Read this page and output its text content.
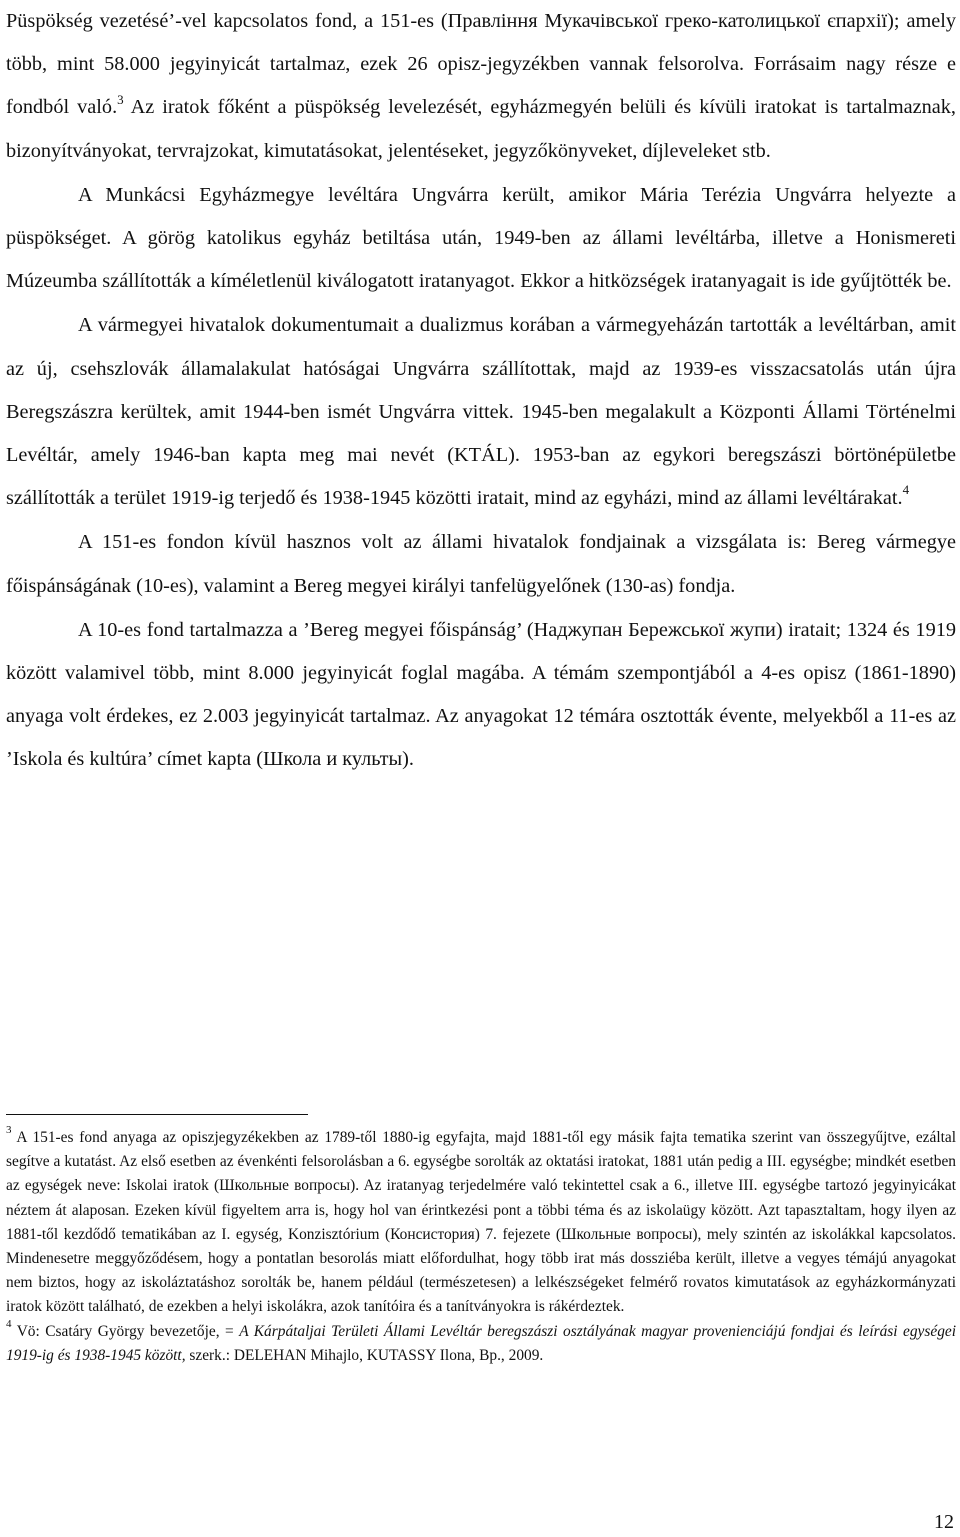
Püspökség vezetésé’-vel kapcsolatos fond, a 151-es (Правління Мукачівської греко-католицької єпархії); amely több, mint 58.000 jegyinyicát tartalmaz, ezek 26 opisz-jegyzékben vannak felsorolva. Forrásaim nagy része e fondból való.$^3$ Az iratok főként a püspökség levelezését, egyházmegyén belüli és kívüli iratokat is tartalmaznak, bizonyítványokat, tervrajzokat, kimutatásokat, jelentéseket, jegyzőkönyveket, díjleveleket stb.

A Munkácsi Egyházmegye levéltára Ungvárra került, amikor Mária Terézia Ungvárra helyezte a püspökséget. A görög katolikus egyház betiltása után, 1949-ben az állami levéltárba, illetve a Honismereti Múzeumba szállították a kíméletlenül kiválogatott iratanyagot. Ekkor a hitközségek iratanyagait is ide gyűjtötték be.

A vármegyei hivatalok dokumentumait a dualizmus korában a vármegyeházán tartották a levéltárban, amit az új, csehszlovák államalakulat hatóságai Ungvárra szállítottak, majd az 1939-es visszacsatolás után újra Beregszászra kerültek, amit 1944-ben ismét Ungvárra vittek. 1945-ben megalakult a Központi Állami Történelmi Levéltár, amely 1946-ban kapta meg mai nevét (KTÁL). 1953-ban az egykori beregszászi börtönépületbe szállították a terület 1919-ig terjedő és 1938-1945 közötti iratait, mind az egyházi, mind az állami levéltárakat.$^4$

A 151-es fondon kívül hasznos volt az állami hivatalok fondjainak a vizsgálata is: Bereg vármegye főispánságának (10-es), valamint a Bereg megyei királyi tanfelügyelőnek (130-as) fondja.

A 10-es fond tartalmazza a ’Bereg megyei főispánság’ (Наджупан Бережської жупи) iratait; 1324 és 1919 között valamivel több, mint 8.000 jegyinyicát foglal magába. A témám szempontjából a 4-es opisz (1861-1890) anyaga volt érdekes, ez 2.003 jegyinyicát tartalmaz. Az anyagokat 12 témára osztották évente, melyekből a 11-es az ’Iskola és kultúra’ címet kapta (Школа и культы).

$^3$ A 151-es fond anyaga az opiszjegyzékekben az 1789-től 1880-ig egyfajta, majd 1881-től egy másik fajta tematika szerint van összegyűjtve, ezáltal segítve a kutatást. Az első esetben az évenkénti felsorolásban a 6. egységbe sorolták az oktatási iratokat, 1881 után pedig a III. egységbe; mindkét esetben az egységek neve: Iskolai iratok (Школьные вопросы). Az iratanyag terjedelmére való tekintettel csak a 6., illetve III. egységbe tartozó jegyinyicákat néztem át alaposan. Ezeken kívül figyeltem arra is, hogy hol van érintkezési pont a többi téma és az iskolaügy között. Azt tapasztaltam, hogy ilyen az 1881-től kezdődő tematikában az I. egység, Konzisztórium (Консистория) 7. fejezete (Школьные вопросы), mely szintén az iskolákkal kapcsolatos. Mindenesetre meggyőződésem, hogy a pontatlan besorolás miatt előfordulhat, hogy több irat más dossziéba került, illetve a vegyes témájú anyagokat nem biztos, hogy az iskoláztatáshoz sorolták be, hanem például (természetesen) a lelkészségeket felmérő rovatos kimutatások az egyházkormányzati iratok között található, de ezekben a helyi iskolákra, azok tanítóira és a tanítványokra is rákérdeztek.

$^4$ Vö: Csatáry György bevezetője, = A Kárpátaljai Területi Állami Levéltár beregszászi osztályának magyar provenienciájú fondjai és leírási egységei 1919-ig és 1938-1945 között, szerk.: DELEHAN Mihajlo, KUTASSY Ilona, Bp., 2009.

12
